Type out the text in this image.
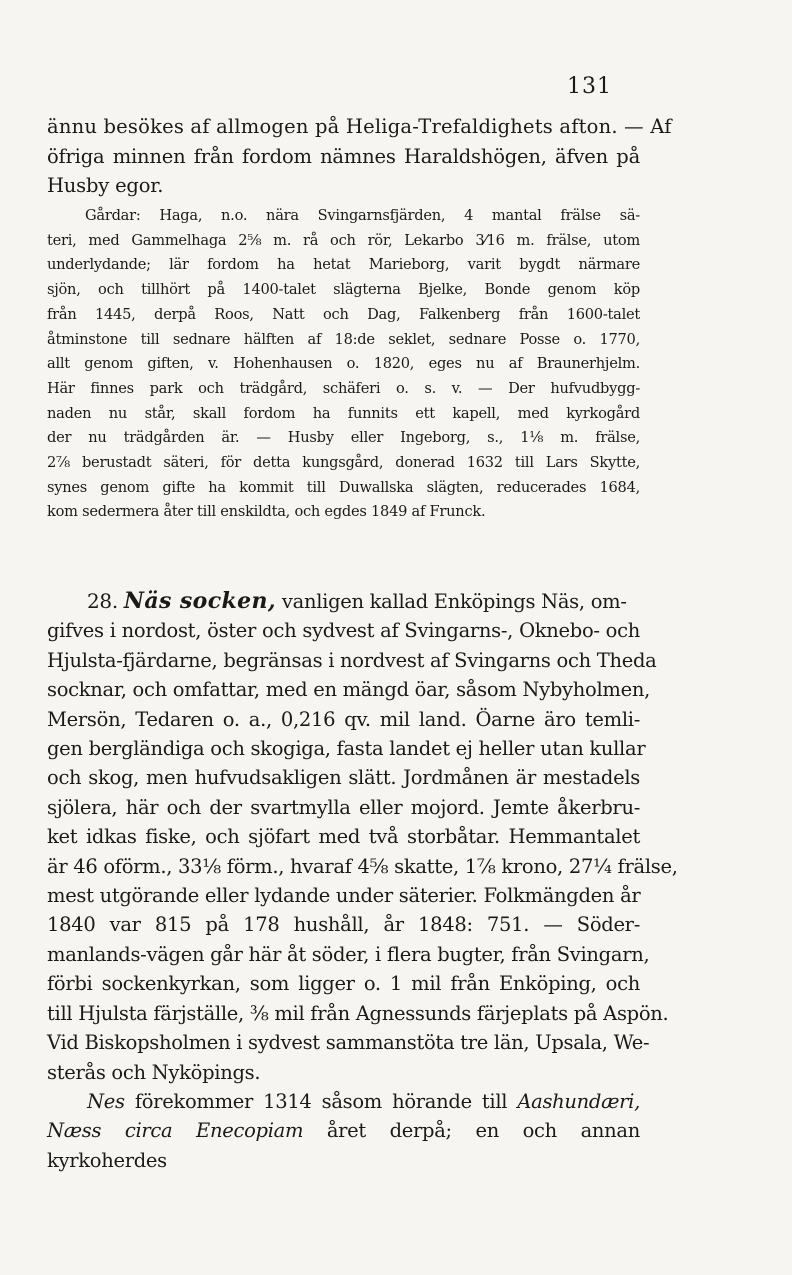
131
ännu besökes af allmogen på Heliga-Trefaldighets afton. — Af
öfriga minnen från fordom nämnes Haraldshögen, äfven på
Husby egor.
Gårdar: Haga, n.o. nära Svingarnsfjärden, 4 mantal frälse sä-
teri, med Gammelhaga 2⅝ m. rå och rör, Lekarbo 3⁄16 m. frälse, utom
underlydande; lär fordom ha hetat Marieborg, varit bygdt närmare
sjön, och tillhört på 1400-talet slägterna Bjelke, Bonde genom köp
från 1445, derpå Roos, Natt och Dag, Falkenberg från 1600-talet
åtminstone till sednare hälften af 18:de seklet, sednare Posse o. 1770,
allt genom giften, v. Hohenhausen o. 1820, eges nu af Braunerhjelm.
Här finnes park och trädgård, schäferi o. s. v. — Der hufvudbygg-
naden nu står, skall fordom ha funnits ett kapell, med kyrkogård
der nu trädgården är. — Husby eller Ingeborg, s., 1⅛ m. frälse,
2⅞ berustadt säteri, för detta kungsgård, donerad 1632 till Lars Skytte,
synes genom gifte ha kommit till Duwallska slägten, reducerades 1684,
kom sedermera åter till enskildta, och egdes 1849 af Frunck.
28. Näs socken, vanligen kallad Enköpings Näs, om-
gifves i nordost, öster och sydvest af Svingarns-, Oknebo- och
Hjulsta-fjärdarne, begränsas i nordvest af Svingarns och Theda
socknar, och omfattar, med en mängd öar, såsom Nybyholmen,
Mersön, Tedaren o. a., 0,216 qv. mil land. Öarne äro temli-
gen bergländiga och skogiga, fasta landet ej heller utan kullar
och skog, men hufvudsakligen slätt. Jordmånen är mestadels
sjölera, här och der svartmylla eller mojord. Jemte åkerbru-
ket idkas fiske, och sjöfart med två storbåtar. Hemmantalet
är 46 oförm., 33⅛ förm., hvaraf 4⅝ skatte, 1⅞ krono, 27¼ frälse,
mest utgörande eller lydande under säterier. Folkmängden år
1840 var 815 på 178 hushåll, år 1848: 751. — Söder-
manlands-vägen går här åt söder, i flera bugter, från Svingarn,
förbi sockenkyrkan, som ligger o. 1 mil från Enköping, och
till Hjulsta färjställe, ⅜ mil från Agnessunds färjeplats på Aspön.
Vid Biskopsholmen i sydvest sammanstöta tre län, Upsala, We-
sterås och Nyköpings.
Nes förekommer 1314 såsom hörande till Aashundæri, Næss circa Enecopiam året derpå; en och annan kyrkoherdes
